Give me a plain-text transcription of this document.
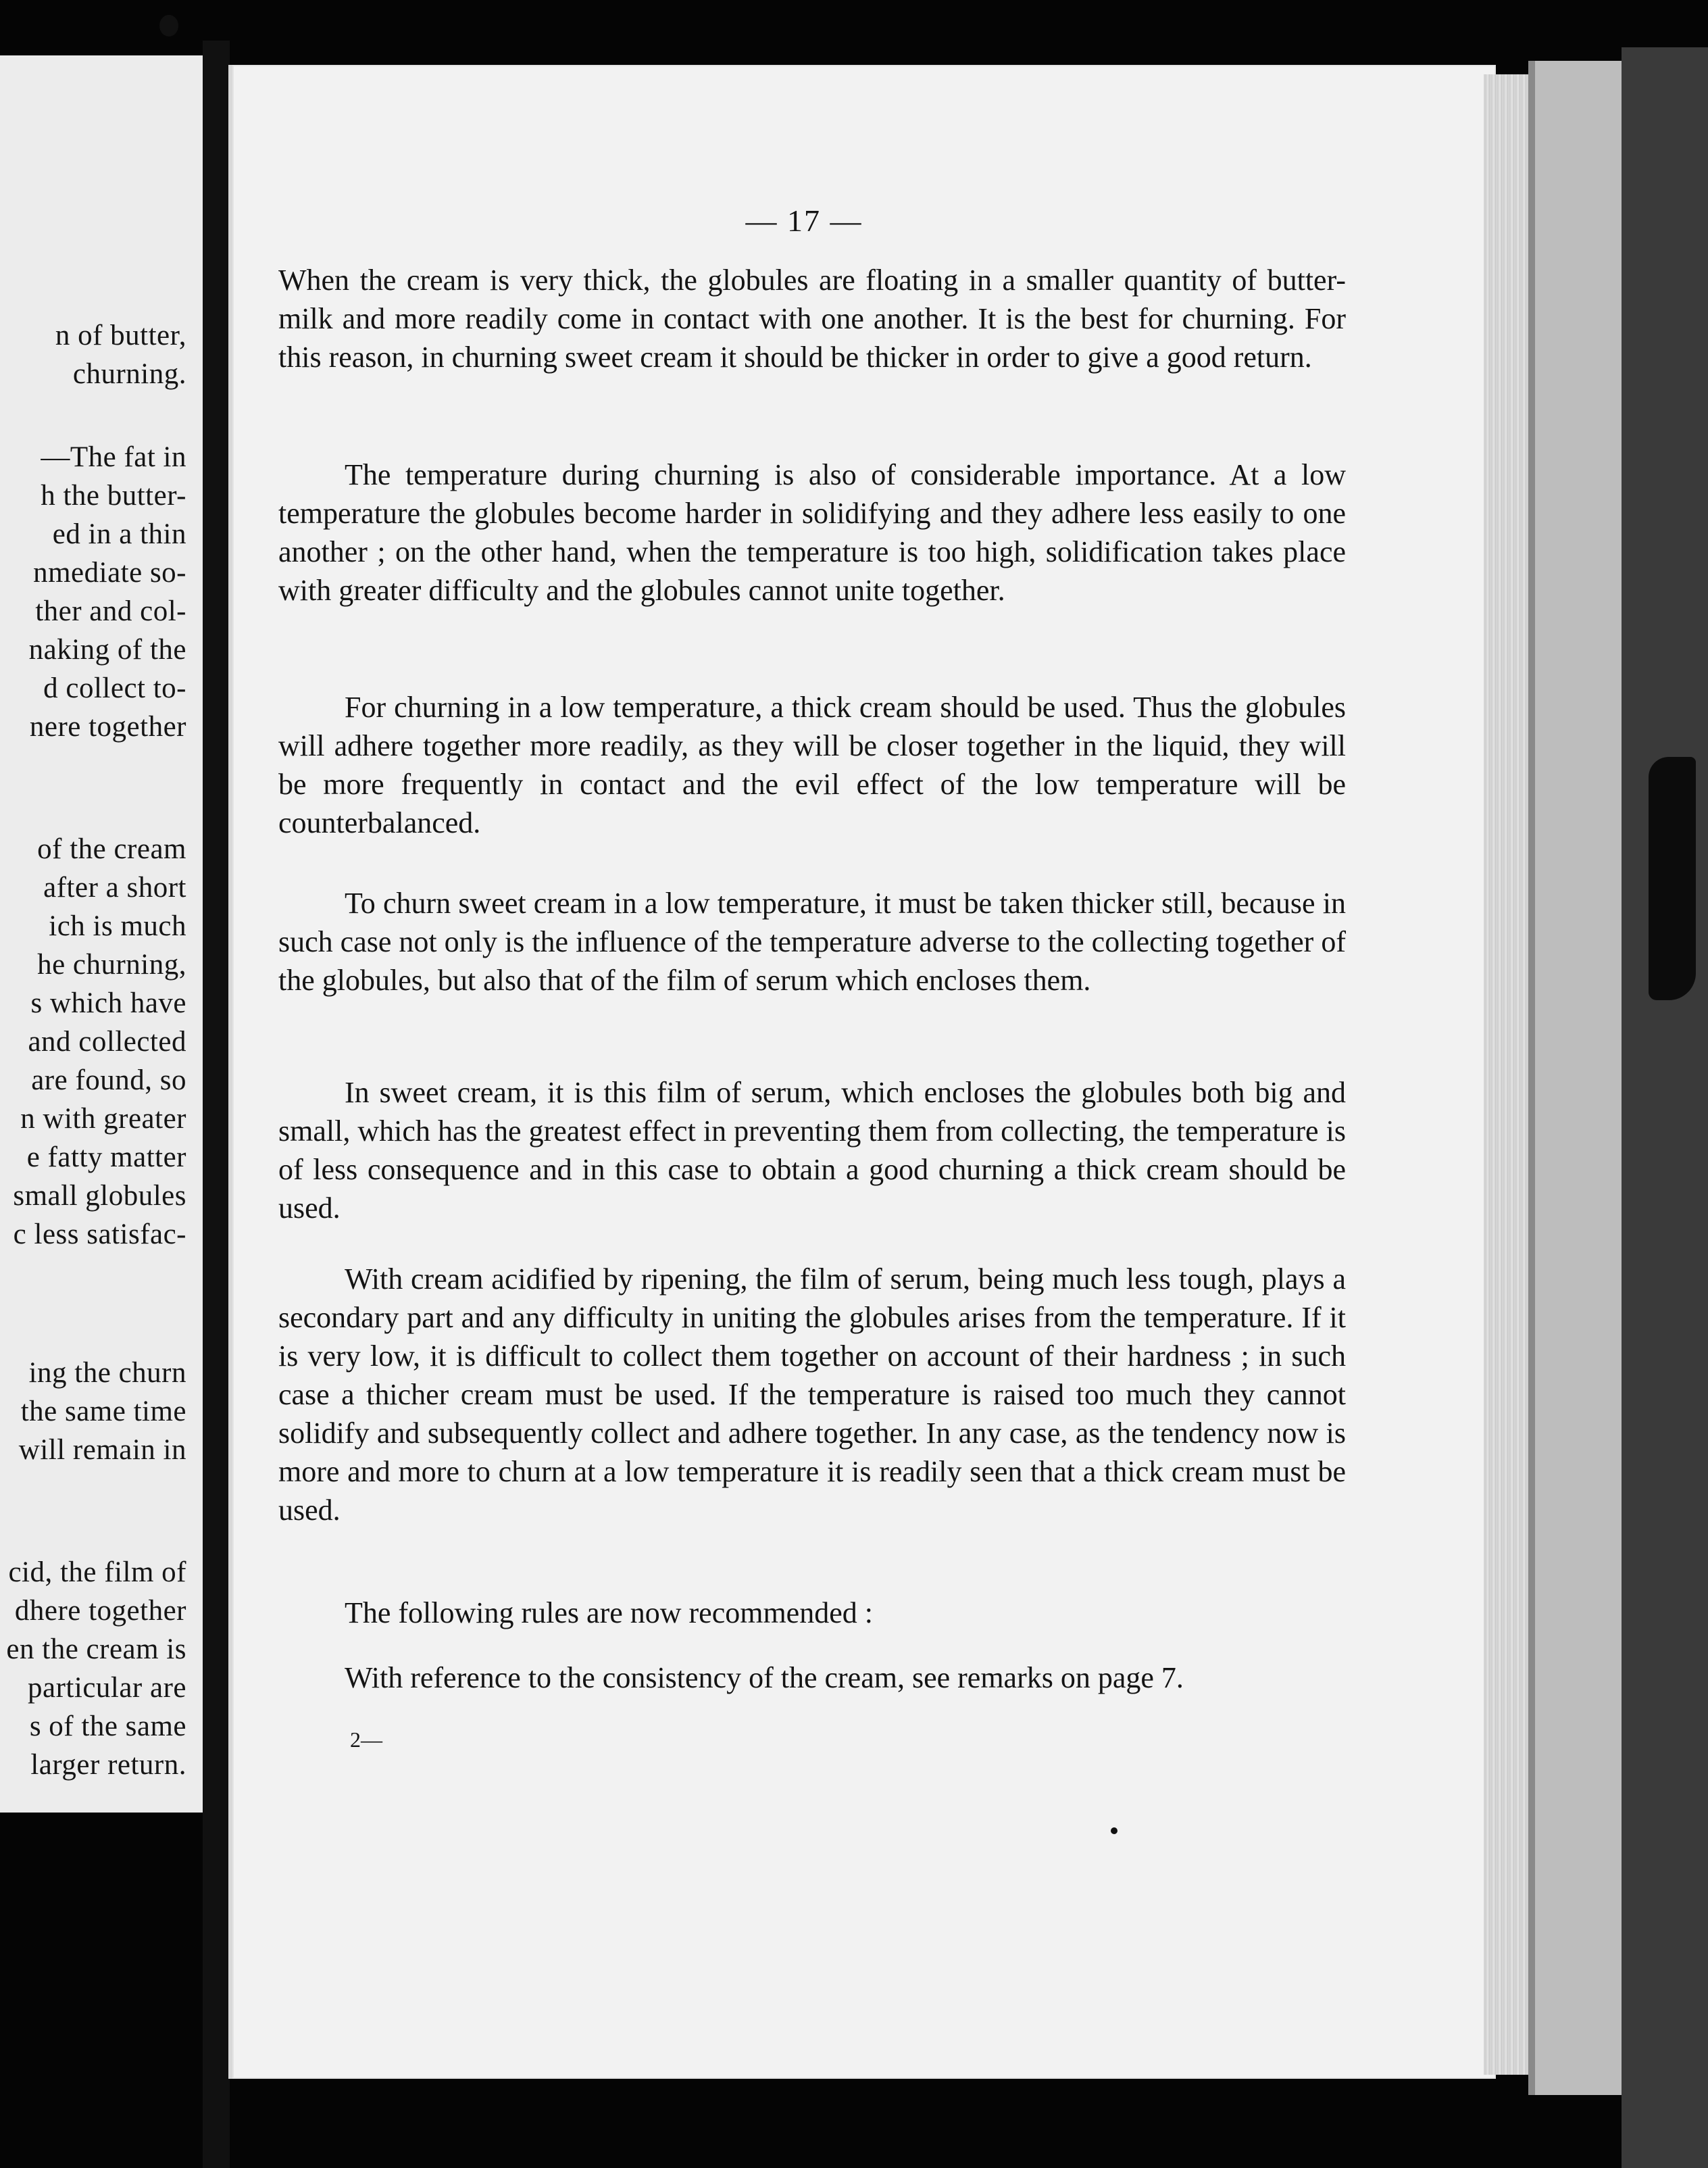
n of butter,
churning.
—The fat in
h the butter-
ed in a thin
nmediate so-
ther and col-
naking of the
d collect to-
nere together
of the cream
after a short
ich is much
he churning,
s which have
and collected
are found, so
n with greater
e fatty matter
small globules
c less satisfac-
ing the churn
the same time
will remain in
cid, the film of
dhere together
en the cream is
particular are
s of the same
larger return.
— 17 —

When the cream is very thick, the globules are floating in a smaller quantity of butter-milk and more readily come in contact with one another. It is the best for churning. For this reason, in churning sweet cream it should be thicker in order to give a good return.

The temperature during churning is also of considerable importance. At a low temperature the globules become harder in solidifying and they adhere less easily to one another ; on the other hand, when the temperature is too high, solidification takes place with greater difficulty and the globules cannot unite together.

For churning in a low temperature, a thick cream should be used. Thus the globules will adhere together more readily, as they will be closer together in the liquid, they will be more frequently in contact and the evil effect of the low temperature will be counterbalanced.

To churn sweet cream in a low temperature, it must be taken thicker still, because in such case not only is the influence of the temperature adverse to the collecting together of the globules, but also that of the film of serum which encloses them.

In sweet cream, it is this film of serum, which encloses the globules both big and small, which has the greatest effect in preventing them from collecting, the temperature is of less consequence and in this case to obtain a good churning a thick cream should be used.

With cream acidified by ripening, the film of serum, being much less tough, plays a secondary part and any difficulty in uniting the globules arises from the temperature. If it is very low, it is difficult to collect them together on account of their hardness ; in such case a thicher cream must be used. If the temperature is raised too much they cannot solidify and subsequently collect and adhere together. In any case, as the tendency now is more and more to churn at a low temperature it is readily seen that a thick cream must be used.

The following rules are now recommended :

With reference to the consistency of the cream, see remarks on page 7.

2—
